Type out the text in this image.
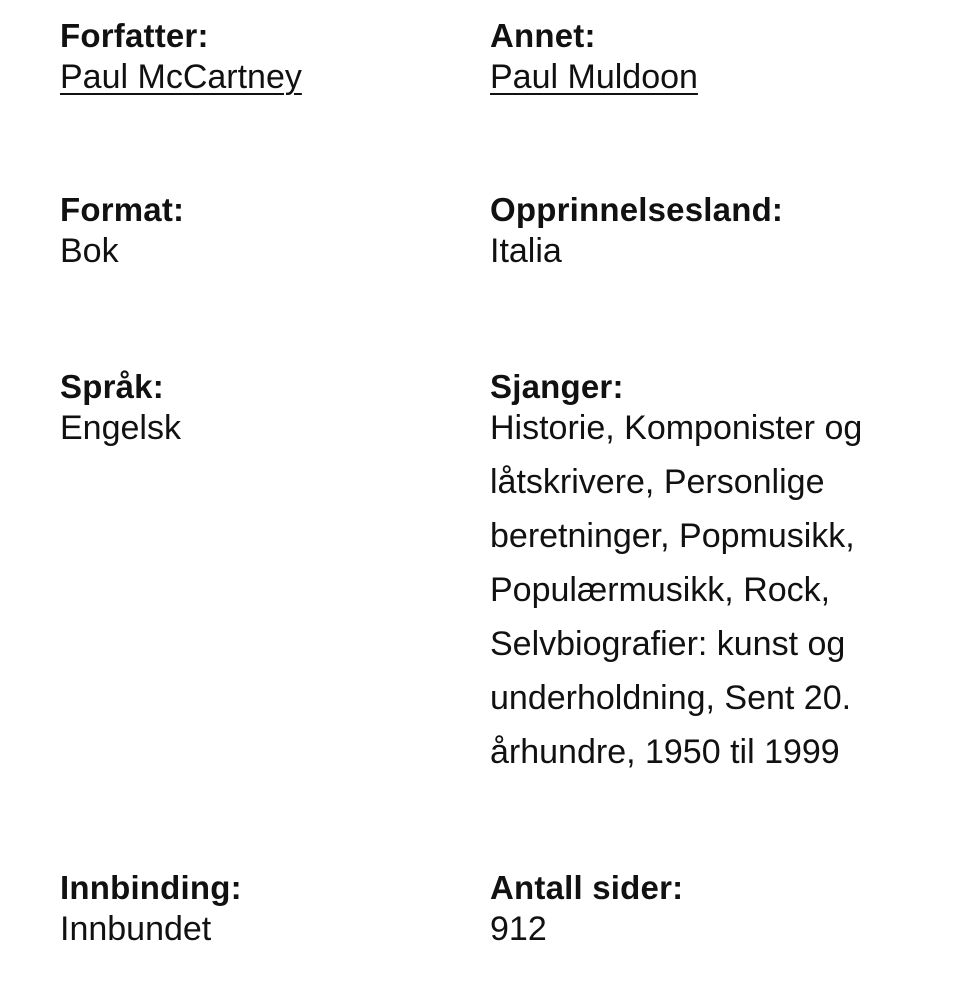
Forfatter:
Paul McCartney
Annet:
Paul Muldoon
Format:
Bok
Opprinnelsesland:
Italia
Språk:
Engelsk
Sjanger:
Historie, Komponister og låtskrivere, Personlige beretninger, Popmusikk, Populærmusikk, Rock, Selvbiografier: kunst og underholdning, Sent 20. århundre, 1950 til 1999
Innbinding:
Innbundet
Antall sider:
912
